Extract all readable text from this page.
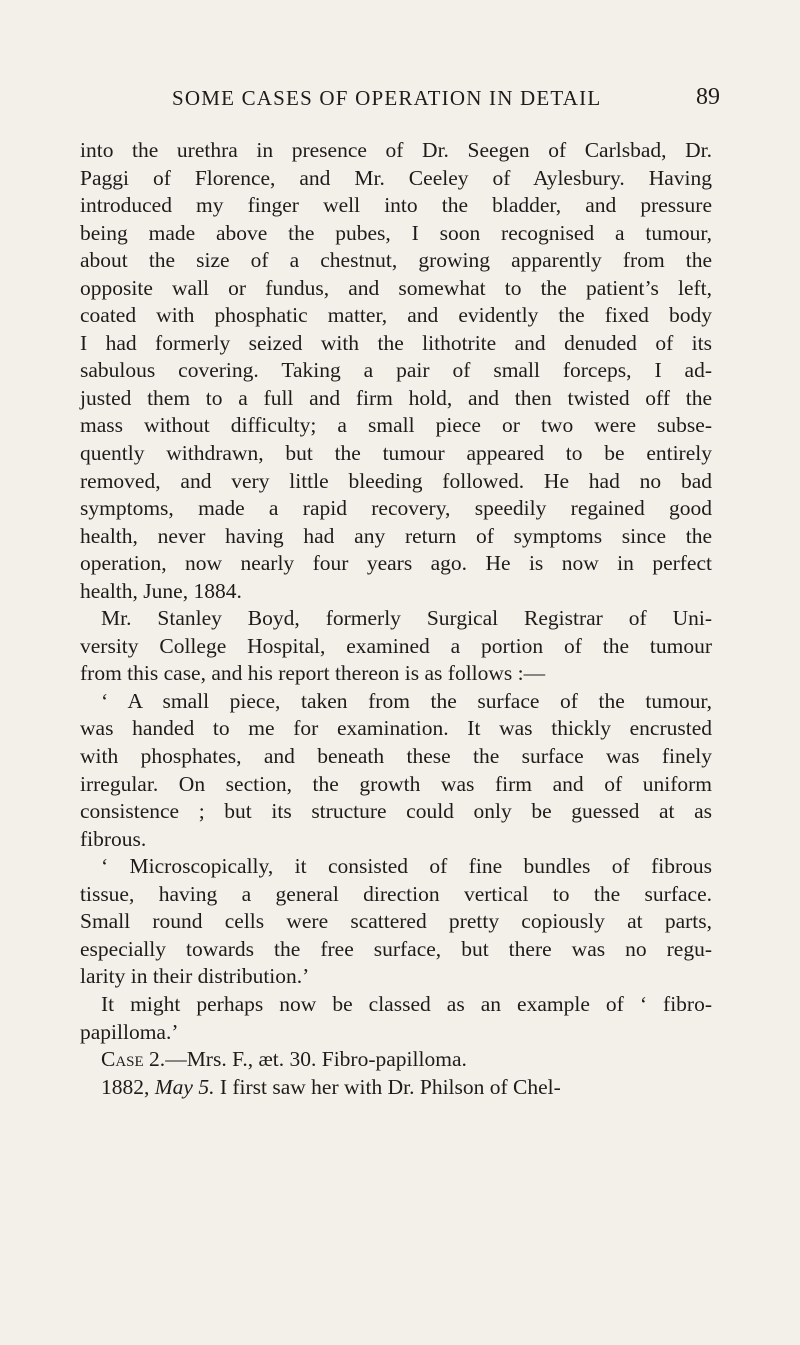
SOME CASES OF OPERATION IN DETAIL	89
into the urethra in presence of Dr. Seegen of Carlsbad, Dr.
Paggi of Florence, and Mr. Ceeley of Aylesbury. Having
introduced my finger well into the bladder, and pressure
being made above the pubes, I soon recognised a tumour,
about the size of a chestnut, growing apparently from the
opposite wall or fundus, and somewhat to the patient’s left,
coated with phosphatic matter, and evidently the fixed body
I had formerly seized with the lithotrite and denuded of its
sabulous covering. Taking a pair of small forceps, I ad-
justed them to a full and firm hold, and then twisted off the
mass without difficulty; a small piece or two were subse-
quently withdrawn, but the tumour appeared to be entirely
removed, and very little bleeding followed. He had no bad
symptoms, made a rapid recovery, speedily regained good
health, never having had any return of symptoms since the
operation, now nearly four years ago. He is now in perfect
health, June, 1884.
Mr. Stanley Boyd, formerly Surgical Registrar of Uni-
versity College Hospital, examined a portion of the tumour
from this case, and his report thereon is as follows :—
‘ A small piece, taken from the surface of the tumour,
was handed to me for examination. It was thickly encrusted
with phosphates, and beneath these the surface was finely
irregular. On section, the growth was firm and of uniform
consistence ; but its structure could only be guessed at as
fibrous.
‘ Microscopically, it consisted of fine bundles of fibrous
tissue, having a general direction vertical to the surface.
Small round cells were scattered pretty copiously at parts,
especially towards the free surface, but there was no regu-
larity in their distribution.’
It might perhaps now be classed as an example of ‘ fibro-
papilloma.’
Case 2.—Mrs. F., æt. 30. Fibro-papilloma.
1882, May 5. I first saw her with Dr. Philson of Chel-
